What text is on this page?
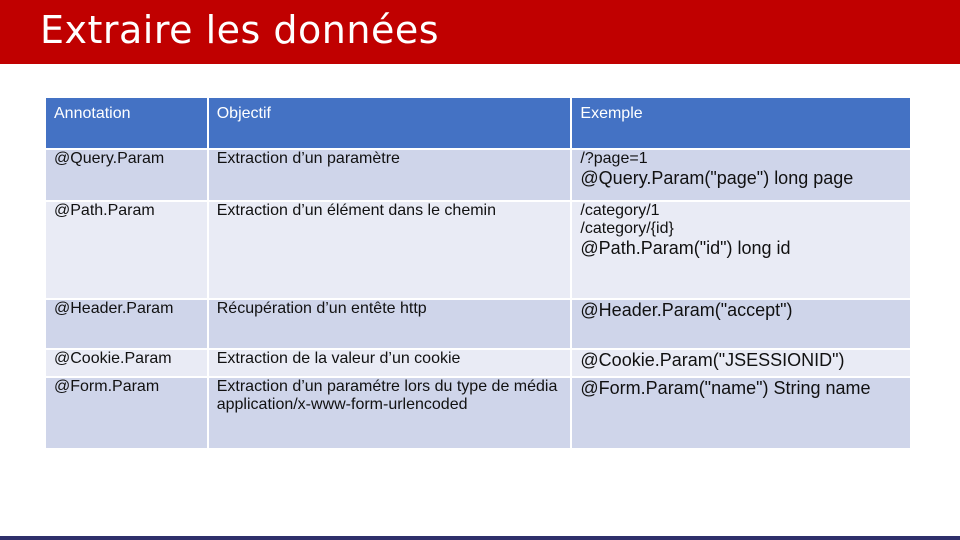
Extraire les données
Annotation	Objectif	Exemple
@Query.Param	Extraction d’un paramètre	/?page=1
@Query.Param("page") long page

@Path.Param	Extraction d’un élément dans le chemin	/category/1
/category/{id}
@Path.Param("id") long id

@Header.Param	Récupération d’un entête http	@Header.Param("accept")

@Cookie.Param	Extraction de la valeur d’un cookie	@Cookie.Param("JSESSIONID")

@Form.Param	Extraction d’un paramétre lors du type de média application/x-www-form-urlencoded	@Form.Param("name") String name
